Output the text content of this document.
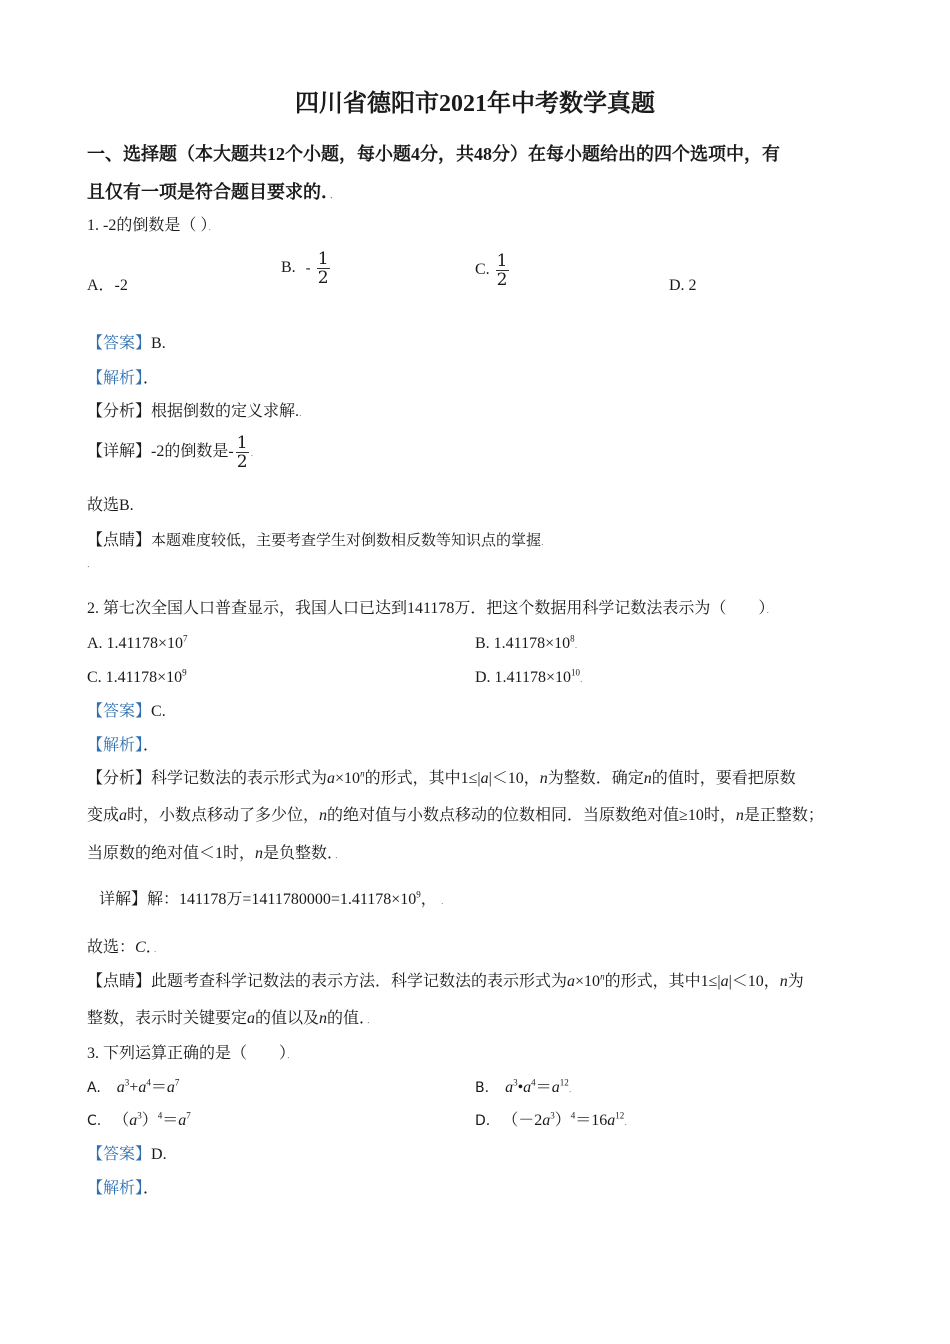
四川省德阳市2021年中考数学真题
一、选择题（本大题共12个小题，每小题4分，共48分）在每小题给出的四个选项中，有
且仅有一项是符合题目要求的．．
1. -2的倒数是（ ）．
A．-2
B. - $\frac{1}{2}$	C. $\frac{1}{2}$	D. 2
【答案】B.
【解析】．
【分析】根据倒数的定义求解.．
【详解】-2的倒数是- $\frac{1}{2}$ ．
故选B.
【点睛】本题难度较低，主要考查学生对倒数相反数等知识点的掌握．
．
2. 第七次全国人口普查显示，我国人口已达到141178万．把这个数据用科学记数法表示为（　　）．
A. $1.41178\times 10^7$	B. $1.41178\times 10^8$．
C. $1.41178\times 10^9$	D. $1.41178\times 10^{10}$．
【答案】C.
【解析】．
【分析】科学记数法的表示形式为$a\times 10^n$的形式，其中1≤|a|＜10，n为整数．确定n的值时，要看把原数
变成a时，小数点移动了多少位，n的绝对值与小数点移动的位数相同．当原数绝对值≥10时，n是正整数；
当原数的绝对值＜1时，n是负整数．．
详解】解：141178万$=1411780000=1.41178\times 10^9$， ．
故选：C．．
【点睛】此题考查科学记数法的表示方法．科学记数法的表示形式为$a\times 10^n$的形式，其中1≤|a|＜10，n为
整数，表示时关键要定a的值以及n的值．．
3. 下列运算正确的是（　　）．
A. $a^3+a^4=a^7$	B. $a^3•a^4=a^{12}$．
C. $(a^3)^4=a^7$	D. $(-2a^3)^4=16a^{12}$．
【答案】D.
【解析】．
